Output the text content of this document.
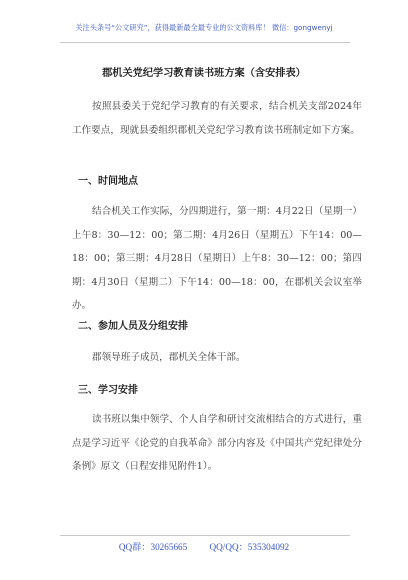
关注头条号“公文研究”，获得最新最全最专业的公文资料库！ 微信：gongwenyj
郡机关党纪学习教育读书班方案（含安排表）
按照县委关于党纪学习教育的有关要求，结合机关支部2024年工作要点，现就县委组织郡机关党纪学习教育读书班制定如下方案。
一、时间地点
结合机关工作实际，分四期进行，第一期：4月22日（星期一）上午8：30—12：00；第二期：4月26日（星期五）下午14：00—18：00；第三期：4月28日（星期日）上午8：30—12：00；第四期：4月30日（星期二）下午14：00—18：00，在郡机关会议室举办。
二、参加人员及分组安排
郡领导班子成员，郡机关全体干部。
三、学习安排
读书班以集中领学、个人自学和研讨交流相结合的方式进行，重点是学习近平《论党的自我革命》部分内容及《中国共产党纪律处分条例》原文（日程安排见附件1）。
QQ群：30265665 QQ/QQ：535304092
